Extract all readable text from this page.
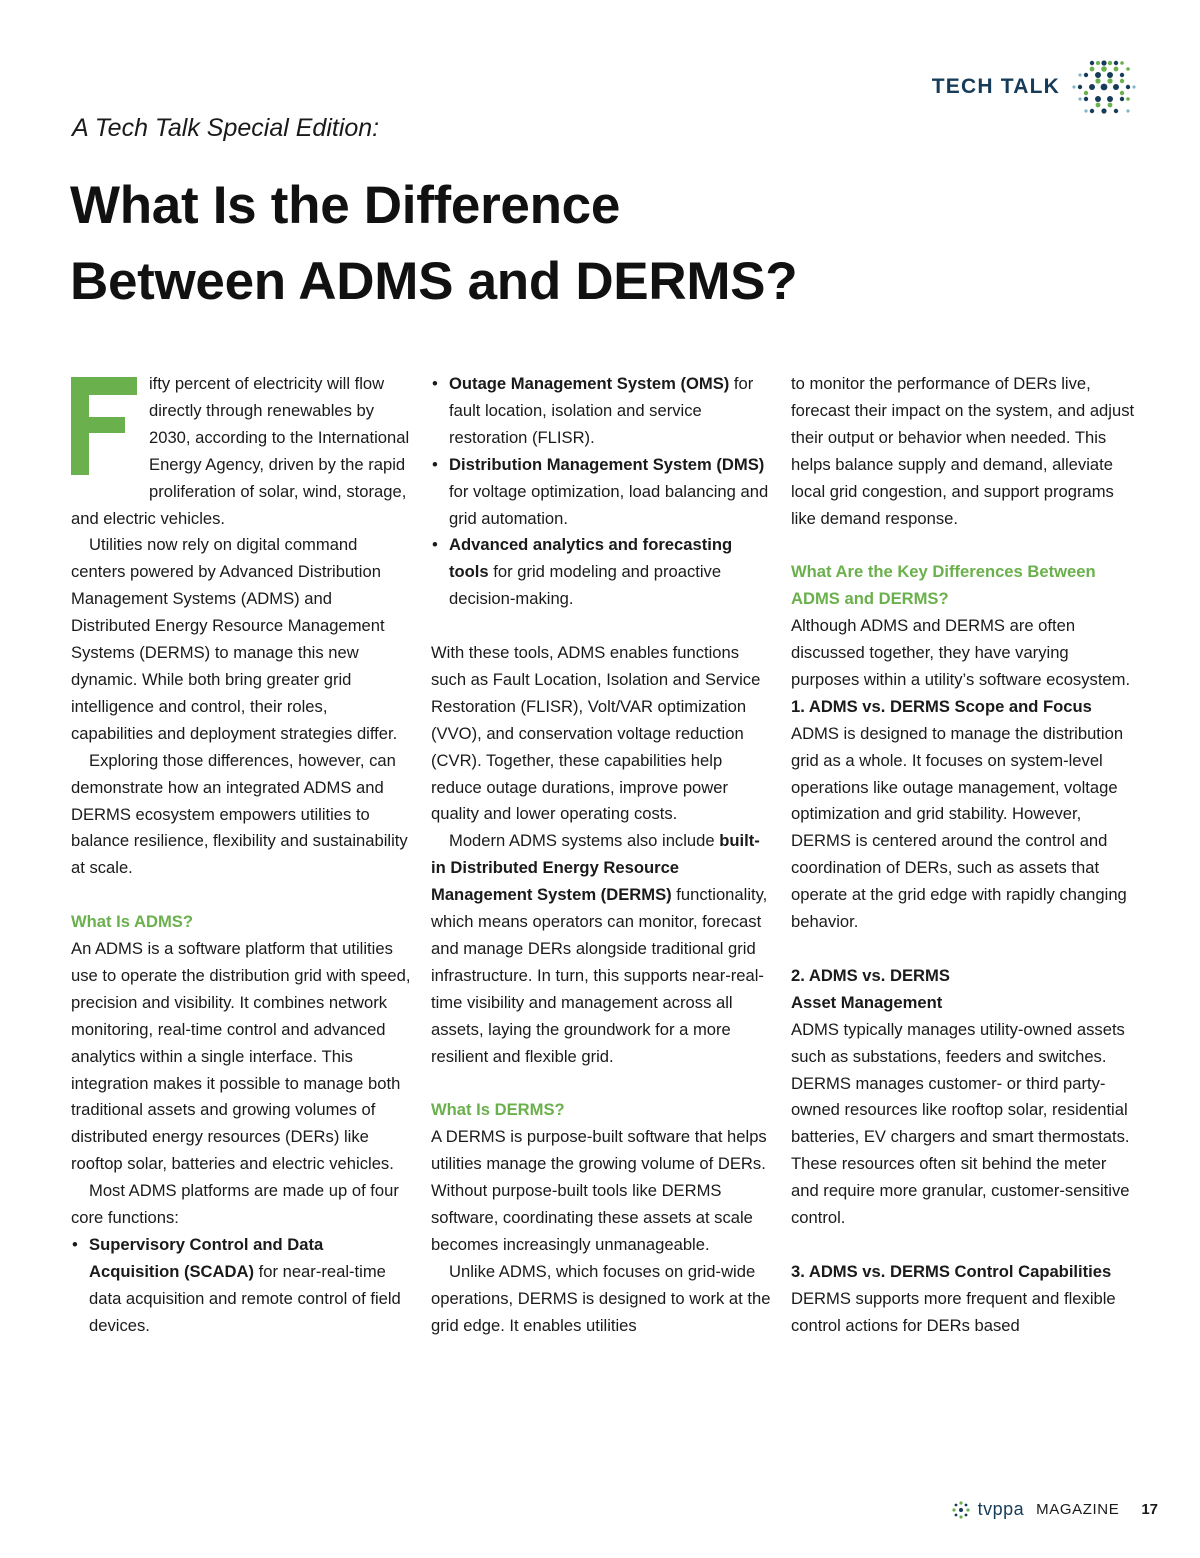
TECH TALK
A Tech Talk Special Edition:
What Is the Difference
Between ADMS and DERMS?

ifty percent of electricity will flow directly through renewables by 2030, according to the International Energy Agency, driven by the rapid proliferation of solar, wind, storage, and electric vehicles.

Utilities now rely on digital command centers powered by Advanced Distribution Management Systems (ADMS) and Distributed Energy Resource Management Systems (DERMS) to manage this new dynamic. While both bring greater grid intelligence and control, their roles, capabilities and deployment strategies differ.

Exploring those differences, however, can demonstrate how an integrated ADMS and DERMS ecosystem empowers utilities to balance resilience, flexibility and sustainability at scale.

What Is ADMS?

An ADMS is a software platform that utilities use to operate the distribution grid with speed, precision and visibility. It combines network monitoring, real-time control and advanced analytics within a single interface. This integration makes it possible to manage both traditional assets and growing volumes of distributed energy resources (DERs) like rooftop solar, batteries and electric vehicles.

Most ADMS platforms are made up of four core functions:

• Supervisory Control and Data Acquisition (SCADA) for near-real-time data acquisition and remote control of field devices.
• Outage Management System (OMS) for fault location, isolation and service restoration (FLISR).
• Distribution Management System (DMS) for voltage optimization, load balancing and grid automation.
• Advanced analytics and forecasting tools for grid modeling and proactive decision-making.

With these tools, ADMS enables functions such as Fault Location, Isolation and Service Restoration (FLISR), Volt/VAR optimization (VVO), and conservation voltage reduction (CVR). Together, these capabilities help reduce outage durations, improve power quality and lower operating costs.

Modern ADMS systems also include built-in Distributed Energy Resource Management System (DERMS) functionality, which means operators can monitor, forecast and manage DERs alongside traditional grid infrastructure. In turn, this supports near-real-time visibility and management across all assets, laying the groundwork for a more resilient and flexible grid.

What Is DERMS?

A DERMS is purpose-built software that helps utilities manage the growing volume of DERs. Without purpose-built tools like DERMS software, coordinating these assets at scale becomes increasingly unmanageable.

Unlike ADMS, which focuses on grid-wide operations, DERMS is designed to work at the grid edge. It enables utilities

to monitor the performance of DERs live, forecast their impact on the system, and adjust their output or behavior when needed. This helps balance supply and demand, alleviate local grid congestion, and support programs like demand response.

What Are the Key Differences Between ADMS and DERMS?

Although ADMS and DERMS are often discussed together, they have varying purposes within a utility’s software ecosystem.

1. ADMS vs. DERMS Scope and Focus

ADMS is designed to manage the distribution grid as a whole. It focuses on system-level operations like outage management, voltage optimization and grid stability. However, DERMS is centered around the control and coordination of DERs, such as assets that operate at the grid edge with rapidly changing behavior.

2. ADMS vs. DERMS
Asset Management

ADMS typically manages utility-owned assets such as substations, feeders and switches. DERMS manages customer- or third party-owned resources like rooftop solar, residential batteries, EV chargers and smart thermostats. These resources often sit behind the meter and require more granular, customer-sensitive control.

3. ADMS vs. DERMS Control Capabilities

DERMS supports more frequent and flexible control actions for DERs based

tvppa MAGAZINE 17
